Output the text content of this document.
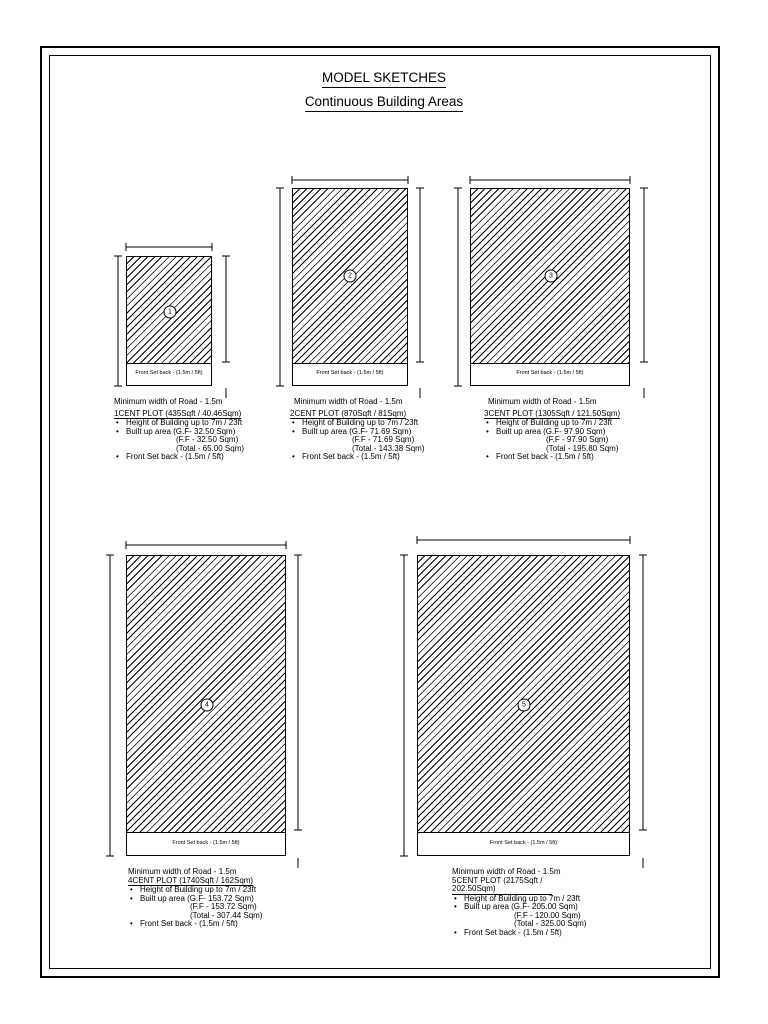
MODEL SKETCHES
Continuous Building Areas
Front Set back - (1.5m / 5ft)
1
Front Set back - (1.5m / 5ft)
2
Front Set back - (1.5m / 5ft)
3
Front Set back - (1.5m / 5ft)
4
Front Set back - (1.5m / 5ft)
5
Minimum width of Road - 1.5m
1CENT PLOT (435Sqft / 40.46Sqm)
• Height of Building up to 7m / 23ft
• Built up area (G.F- 32.50 Sqm)
(F.F - 32.50 Sqm)
(Total - 65.00 Sqm)
• Front Set back - (1.5m / 5ft)
Minimum width of Road - 1.5m
2CENT PLOT (870Sqft / 81Sqm)
• Height of Building up to 7m / 23ft
• Built up area (G.F- 71.69 Sqm)
(F.F - 71.69 Sqm)
(Total - 143.38 Sqm)
• Front Set back - (1.5m / 5ft)
Minimum width of Road - 1.5m
3CENT PLOT (1305Sqft / 121.50Sqm)
• Height of Building up to 7m / 23ft
• Built up area (G.F- 97.90 Sqm)
(F.F - 97.90 Sqm)
(Total - 195.80 Sqm)
• Front Set back - (1.5m / 5ft)
Minimum width of Road - 1.5m
4CENT PLOT (1740Sqft / 162Sqm)
• Height of Building up to 7m / 23ft
• Built up area (G.F- 153.72 Sqm)
(F.F - 153.72 Sqm)
(Total - 307.44 Sqm)
• Front Set back - (1.5m / 5ft)
Minimum width of Road - 1.5m
5CENT PLOT (2175Sqft / 202.50Sqm)
• Height of Building up to 7m / 23ft
• Built up area (G.F- 205.00 Sqm)
(F.F - 120.00 Sqm)
(Total - 325.00 Sqm)
• Front Set back - (1.5m / 5ft)
